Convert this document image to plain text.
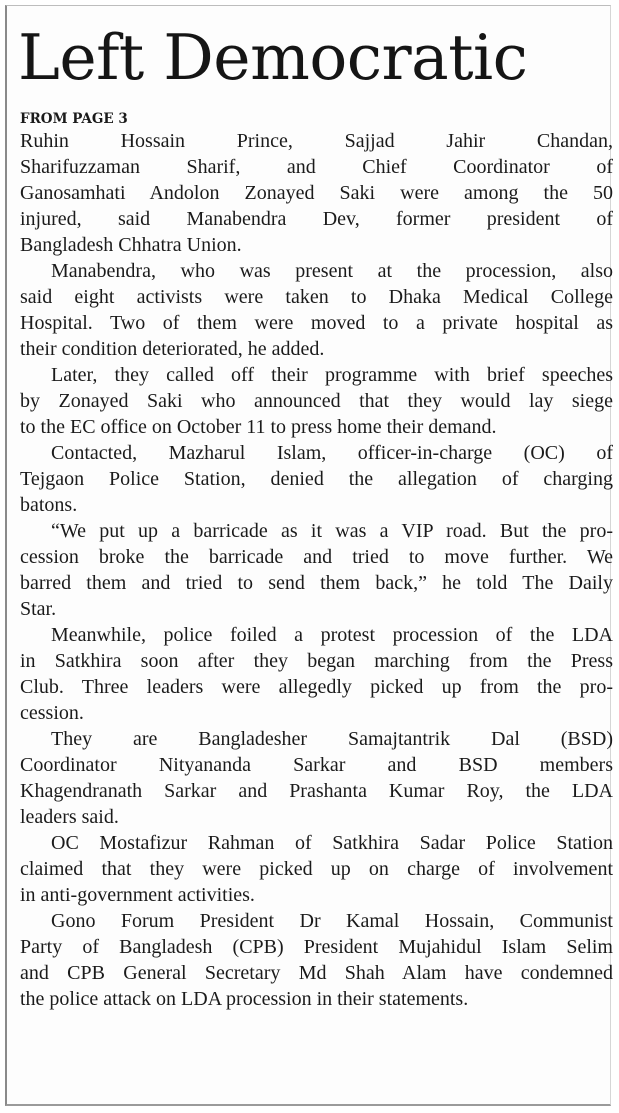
Left Democratic
FROM PAGE 3
Ruhin Hossain Prince, Sajjad Jahir Chandan,
Sharifuzzaman Sharif, and Chief Coordinator of
Ganosamhati Andolon Zonayed Saki were among the 50
injured, said Manabendra Dev, former president of
Bangladesh Chhatra Union.
Manabendra, who was present at the procession, also
said eight activists were taken to Dhaka Medical College
Hospital. Two of them were moved to a private hospital as
their condition deteriorated, he added.
Later, they called off their programme with brief speeches
by Zonayed Saki who announced that they would lay siege
to the EC office on October 11 to press home their demand.
Contacted, Mazharul Islam, officer-in-charge (OC) of
Tejgaon Police Station, denied the allegation of charging
batons.
“We put up a barricade as it was a VIP road. But the pro-
cession broke the barricade and tried to move further. We
barred them and tried to send them back,” he told The Daily
Star.
Meanwhile, police foiled a protest procession of the LDA
in Satkhira soon after they began marching from the Press
Club. Three leaders were allegedly picked up from the pro-
cession.
They are Bangladesher Samajtantrik Dal (BSD)
Coordinator Nityananda Sarkar and BSD members
Khagendranath Sarkar and Prashanta Kumar Roy, the LDA
leaders said.
OC Mostafizur Rahman of Satkhira Sadar Police Station
claimed that they were picked up on charge of involvement
in anti-government activities.
Gono Forum President Dr Kamal Hossain, Communist
Party of Bangladesh (CPB) President Mujahidul Islam Selim
and CPB General Secretary Md Shah Alam have condemned
the police attack on LDA procession in their statements.
